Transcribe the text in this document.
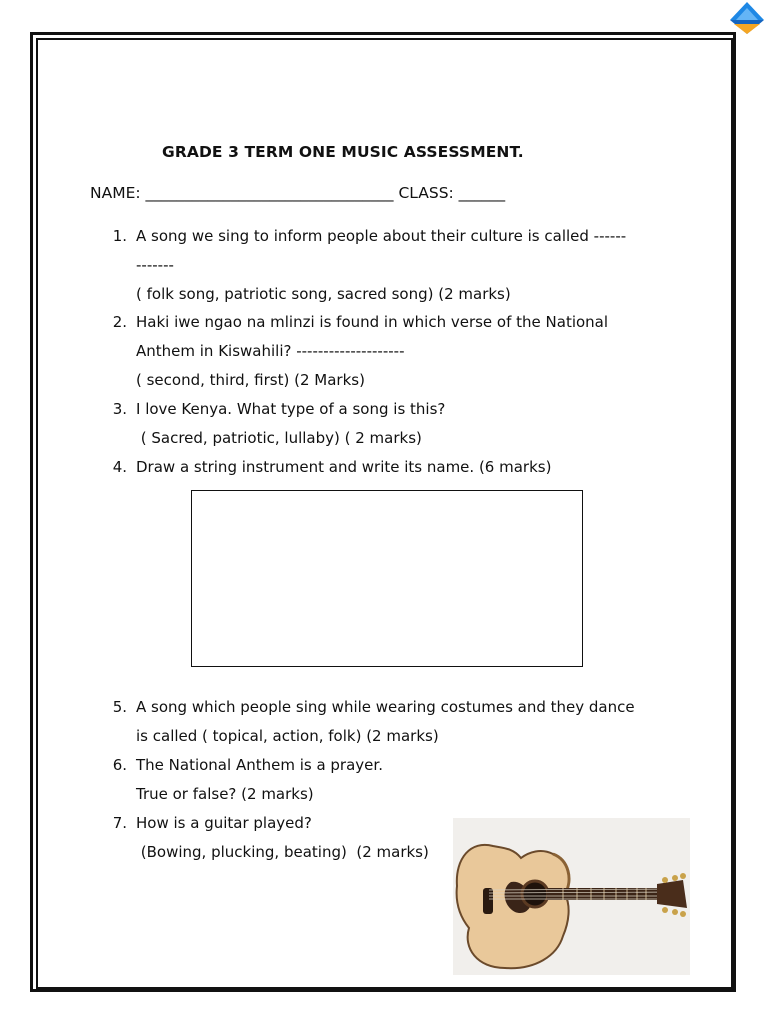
GRADE 3 TERM ONE MUSIC ASSESSMENT.
NAME: ________________________________ CLASS: ______
1. A song we sing to inform people about their culture is called ------
-------
( folk song, patriotic song, sacred song) (2 marks)
2. Haki iwe ngao na mlinzi is found in which verse of the National
Anthem in Kiswahili? --------------------
( second, third, first) (2 Marks)
3. I love Kenya. What type of a song is this?
( Sacred, patriotic, lullaby) ( 2 marks)
4. Draw a string instrument and write its name. (6 marks)
5. A song which people sing while wearing costumes and they dance
is called ( topical, action, folk) (2 marks)
6. The National Anthem is a prayer.
True or false? (2 marks)
7. How is a guitar played?
(Bowing, plucking, beating)  (2 marks)
